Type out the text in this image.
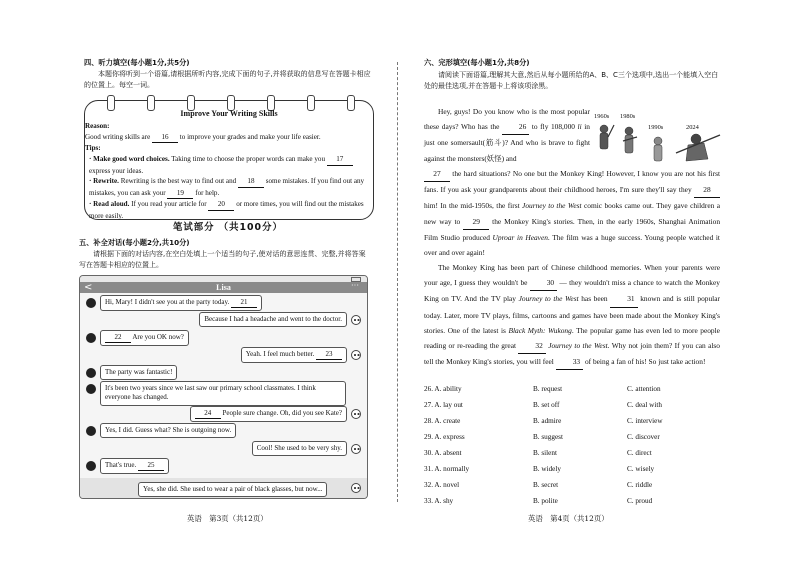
四、听力填空(每小题1分,共5分)
本题你将听到一个语篇,请根据所听内容,完成下面的句子,并将获取的信息写在答题卡相应的位置上。每空一词。
Improve Your Writing Skills
Reason:
Good writing skills are 16 to improve your grades and make your life easier.
Tips:
· Make good word choices. Taking time to choose the proper words can make you 17 express your ideas.
· Rewrite. Rewriting is the best way to find out and 18 some mistakes. If you find out any mistakes, you can ask your 19 for help.
· Read aloud. If you read your article for 20 or more times, you will find out the mistakes more easily.
笔试部分 （共100分）
五、补全对话(每小题2分,共10分)
请根据下面的对话内容,在空白处填上一个适当的句子,使对话的意思连贯、完整,并将答案写在答题卡相应的位置上。
<	Lisa	···
Hi, Mary! I didn't see you at the party today. 21
Because I had a headache and went to the doctor.
22 Are you OK now?
Yeah. I feel much better. 23
The party was fantastic!
It's been two years since we last saw our primary school classmates. I think everyone has changed.
24 People sure change. Oh, did you see Kate?
Yes, I did. Guess what? She is outgoing now.
Cool! She used to be very shy.
That's true. 25
Yes, she did. She used to wear a pair of black glasses, but now...
英语　第3页（共12页）
六、完形填空(每小题1分,共8分)
请阅读下面语篇,理解其大意,然后从每小题所给的A、B、C三个选项中,选出一个能填入空白处的最佳选项,并在答题卡上将该项涂黑。
1960s 1980s
1990s	2024
Hey, guys! Do you know who is the most popular these days? Who has the	26 to fly 108,000 li in just one somersault(筋斗)? And who is brave to fight against the monsters(妖怪) and
27 the hard situations? No one but the Monkey King! However, I know you are not his first fans. If you ask your grandparents about their childhood heroes, I'm sure they'll say they 28 him! In the mid-1950s, the first Journey to the West comic books came out. They gave children a new way to 29 the Monkey King's stories. Then, in the early 1960s, Shanghai Animation Film Studio produced Uproar in Heaven. The film was a huge success. Young people watched it over and over again!
The Monkey King has been part of Chinese childhood memories. When your parents were your age, I guess they wouldn't be	30 — they wouldn't miss a chance to watch the Monkey King on TV. And the TV play Journey to the West has been	31 known and is still popular today. Later, more TV plays, films, cartoons and games have been made about the Monkey King's stories. One of the latest is Black Myth: Wukong. The popular game has even led to more people reading or re-reading the great	32 Journey to the West. Why not join them? If you can also tell the Monkey King's stories, you will feel	33 of being a fan of his! So just take action!
26. A. ability	B. request	C. attention
27. A. lay out	B. set off	C. deal with
28. A. create	B. admire	C. interview
29. A. express	B. suggest	C. discover
30. A. absent	B. silent	C. direct
31. A. normally	B. widely	C. wisely
32. A. novel	B. secret	C. riddle
33. A. shy	B. polite	C. proud
英语　第4页（共12页）
